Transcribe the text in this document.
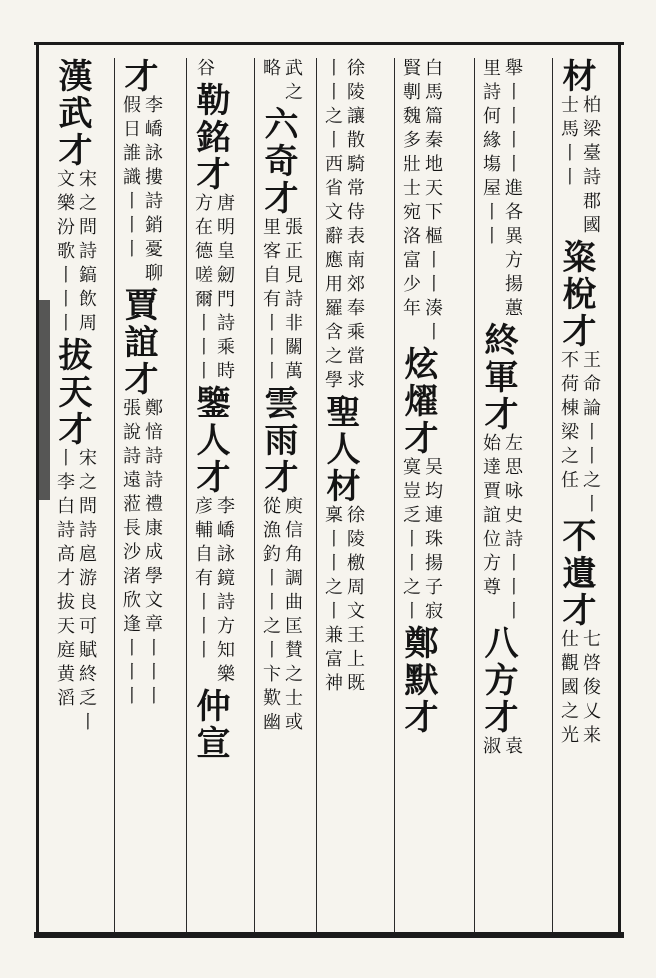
材
柏梁臺詩郡國
士馬丨丨
粢梲才
王命論丨丨之丨
不荷棟梁之任
不遺才
七啓俊乂来
仕觀國之光
舉丨丨丨丨進各異方揚蕙
里詩何緣塲屋丨丨
終軍才
左思咏史詩丨丨丨
始達賈誼位方尊
八方才
袁
淑
白馬篇秦地天下樞丨丨湊丨
賢剸魏多壯士宛洛富少年
炫燿才
吴均連珠揚子寂
寞豈乏丨丨之丨
鄭默才
徐陵讓散騎常侍表南郊奉乘當求
丨丨之丨西省文辭應用羅含之學
聖人材
徐陵檄周文王上既
稟丨丨之丨兼富神
武之
略
六奇才
張正見詩非關萬
里客自有丨丨丨
雲雨才
庾信角調曲匡賛之士或
從漁釣丨丨之丨卞歎幽
谷
勒銘才
唐明皇劒門詩乘時
方在德嗟爾丨丨丨
鑒人才
李嶠詠鏡詩方知樂
彦輔自有丨丨丨
仲宣
才
李嶠詠摟詩銷憂聊
假日誰識丨丨丨
賈誼才
鄭愔詩詩禮康成學文章丨丨丨
張說詩遠蒞長沙渚欣逢丨丨丨
漢武才
宋之問詩鎬飲周
文樂汾歌丨丨丨
拔天才
宋之問詩扈游良可賦終乏丨
丨李白詩高才拔天庭黄滔
